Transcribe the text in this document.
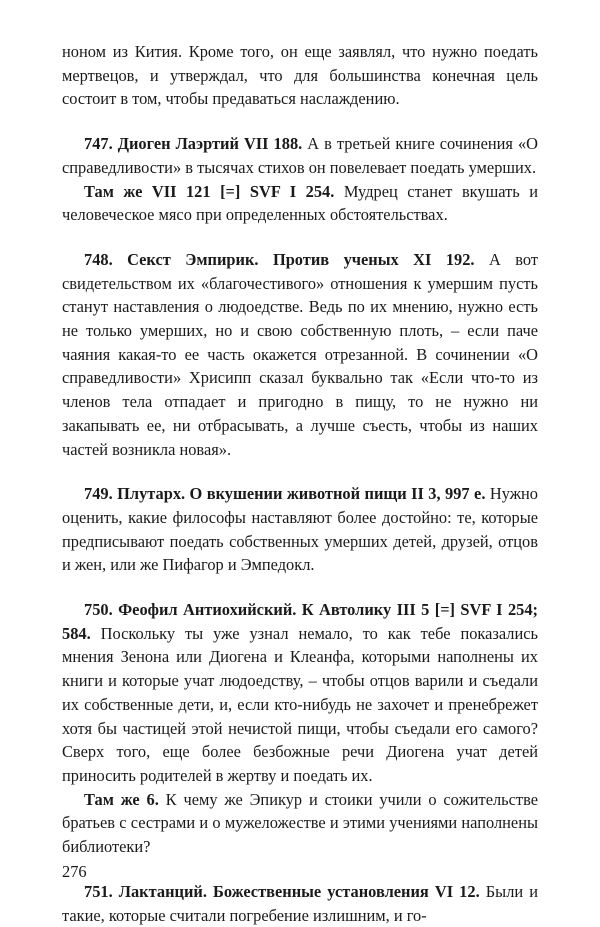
ноном из Кития. Кроме того, он еще заявлял, что нужно поедать мертвецов, и утверждал, что для большинства конечная цель состоит в том, чтобы предаваться наслаждению.

747. Диоген Лаэртий VII 188. А в третьей книге сочинения «О справедливости» в тысячах стихов он повелевает поедать умерших.

Там же VII 121 [=] SVF I 254. Мудрец станет вкушать и человеческое мясо при определенных обстоятельствах.

748. Секст Эмпирик. Против ученых XI 192. А вот свидетельством их «благочестивого» отношения к умершим пусть станут наставления о людоедстве. Ведь по их мнению, нужно есть не только умерших, но и свою собственную плоть, – если паче чаяния какая-то ее часть окажется отрезанной. В сочинении «О справедливости» Хрисипп сказал буквально так «Если что-то из членов тела отпадает и пригодно в пищу, то не нужно ни закапывать ее, ни отбрасывать, а лучше съесть, чтобы из наших частей возникла новая».

749. Плутарх. О вкушении животной пищи II 3, 997 е. Нужно оценить, какие философы наставляют более достойно: те, которые предписывают поедать собственных умерших детей, друзей, отцов и жен, или же Пифагор и Эмпедокл.

750. Феофил Антиохийский. К Автолику III 5 [=] SVF I 254; 584. Поскольку ты уже узнал немало, то как тебе показались мнения Зенона или Диогена и Клеанфа, которыми наполнены их книги и которые учат людоедству, – чтобы отцов варили и съедали их собственные дети, и, если кто-нибудь не захочет и пренебрежет хотя бы частицей этой нечистой пищи, чтобы съедали его самого? Сверх того, еще более безбожные речи Диогена учат детей приносить родителей в жертву и поедать их.

Там же 6. К чему же Эпикур и стоики учили о сожительстве братьев с сестрами и о мужеложестве и этими учениями наполнены библиотеки?

751. Лактанций. Божественные установления VI 12. Были и такие, которые считали погребение излишним, и го-

276
